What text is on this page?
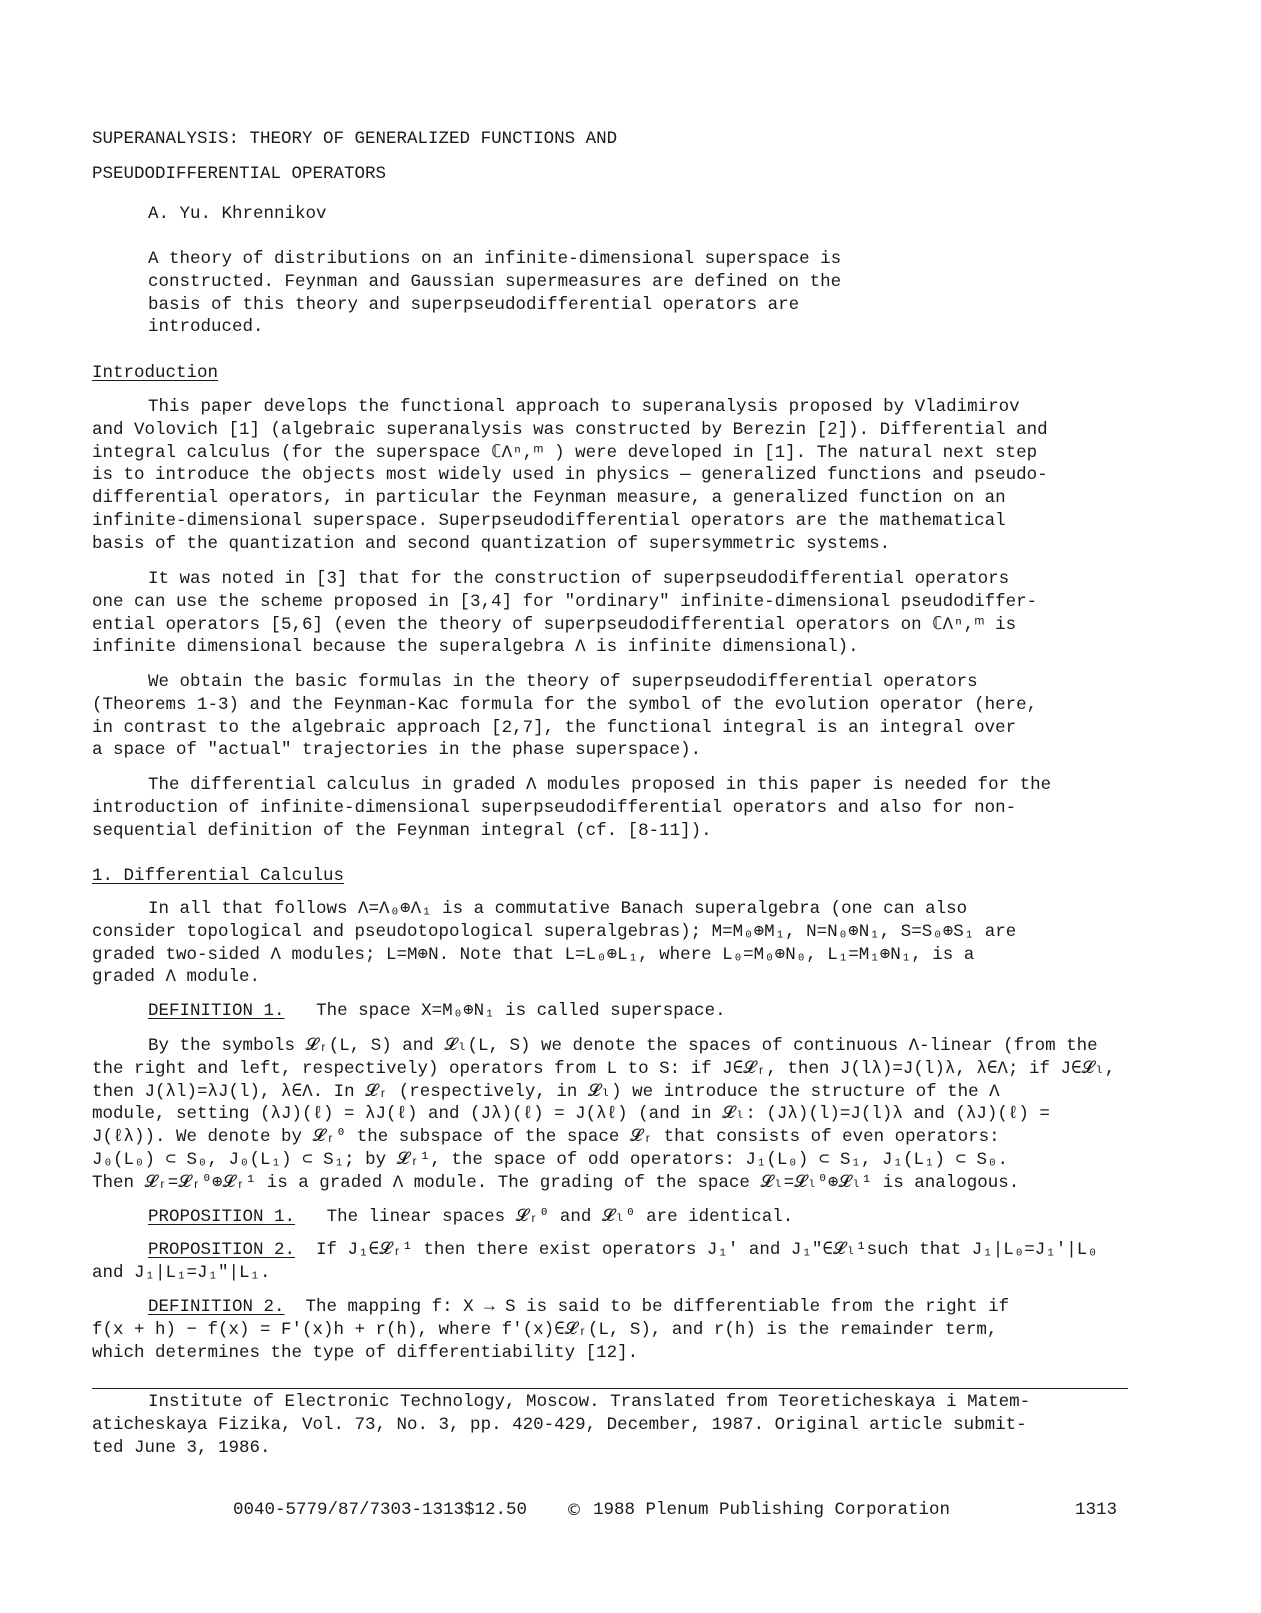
SUPERANALYSIS: THEORY OF GENERALIZED FUNCTIONS AND
PSEUDODIFFERENTIAL OPERATORS
A. Yu. Khrennikov
A theory of distributions on an infinite-dimensional superspace is
constructed. Feynman and Gaussian supermeasures are defined on the
basis of this theory and superpseudodifferential operators are
introduced.
Introduction
This paper develops the functional approach to superanalysis proposed by Vladimirov
and Volovich [1] (algebraic superanalysis was constructed by Berezin [2]). Differential and
integral calculus (for the superspace ℂΛⁿ,ᵐ ) were developed in [1]. The natural next step
is to introduce the objects most widely used in physics — generalized functions and pseudo-
differential operators, in particular the Feynman measure, a generalized function on an
infinite-dimensional superspace. Superpseudodifferential operators are the mathematical
basis of the quantization and second quantization of supersymmetric systems.
It was noted in [3] that for the construction of superpseudodifferential operators
one can use the scheme proposed in [3,4] for "ordinary" infinite-dimensional pseudodiffer-
ential operators [5,6] (even the theory of superpseudodifferential operators on ℂΛⁿ,ᵐ is
infinite dimensional because the superalgebra Λ is infinite dimensional).
We obtain the basic formulas in the theory of superpseudodifferential operators
(Theorems 1-3) and the Feynman-Kac formula for the symbol of the evolution operator (here,
in contrast to the algebraic approach [2,7], the functional integral is an integral over
a space of "actual" trajectories in the phase superspace).
The differential calculus in graded Λ modules proposed in this paper is needed for the
introduction of infinite-dimensional superpseudodifferential operators and also for non-
sequential definition of the Feynman integral (cf. [8-11]).
1. Differential Calculus
In all that follows Λ=Λ₀⊕Λ₁ is a commutative Banach superalgebra (one can also
consider topological and pseudotopological superalgebras); M=M₀⊕M₁, N=N₀⊕N₁, S=S₀⊕S₁ are
graded two-sided Λ modules; L=M⊕N. Note that L=L₀⊕L₁, where L₀=M₀⊕N₀, L₁=M₁⊕N₁, is a
graded Λ module.
DEFINITION 1. The space X=M₀⊕N₁ is called superspace.
By the symbols 𝓛ᵣ(L, S) and 𝓛ₗ(L, S) we denote the spaces of continuous Λ-linear (from the
the right and left, respectively) operators from L to S: if J∈𝓛ᵣ, then J(lλ)=J(l)λ, λ∈Λ; if J∈𝓛ₗ,
then J(λl)=λJ(l), λ∈Λ. In 𝓛ᵣ (respectively, in 𝓛ₗ) we introduce the structure of the Λ
module, setting (λJ)(ℓ) = λJ(ℓ) and (Jλ)(ℓ) = J(λℓ) (and in 𝓛ₗ: (Jλ)(l)=J(l)λ and (λJ)(ℓ) =
J(ℓλ)). We denote by 𝓛ᵣ⁰ the subspace of the space 𝓛ᵣ that consists of even operators:
J₀(L₀) ⊂ S₀, J₀(L₁) ⊂ S₁; by 𝓛ᵣ¹, the space of odd operators: J₁(L₀) ⊂ S₁, J₁(L₁) ⊂ S₀.
Then 𝓛ᵣ=𝓛ᵣ⁰⊕𝓛ᵣ¹ is a graded Λ module. The grading of the space 𝓛ₗ=𝓛ₗ⁰⊕𝓛ₗ¹ is analogous.
PROPOSITION 1. The linear spaces 𝓛ᵣ⁰ and 𝓛ₗ⁰ are identical.
PROPOSITION 2. If J₁∈𝓛ᵣ¹ then there exist operators J₁′ and J₁″∈𝓛ₗ¹such that J₁|L₀=J₁′|L₀
and J₁|L₁=J₁″|L₁.
DEFINITION 2. The mapping f: X → S is said to be differentiable from the right if
f(x + h) − f(x) = F′(x)h + r(h), where f′(x)∈𝓛ᵣ(L, S), and r(h) is the remainder term,
which determines the type of differentiability [12].
Institute of Electronic Technology, Moscow. Translated from Teoreticheskaya i Matem-
aticheskaya Fizika, Vol. 73, No. 3, pp. 420-429, December, 1987. Original article submit-
ted June 3, 1986.
0040-5779/87/7303-1313$12.50 © 1988 Plenum Publishing Corporation	1313
